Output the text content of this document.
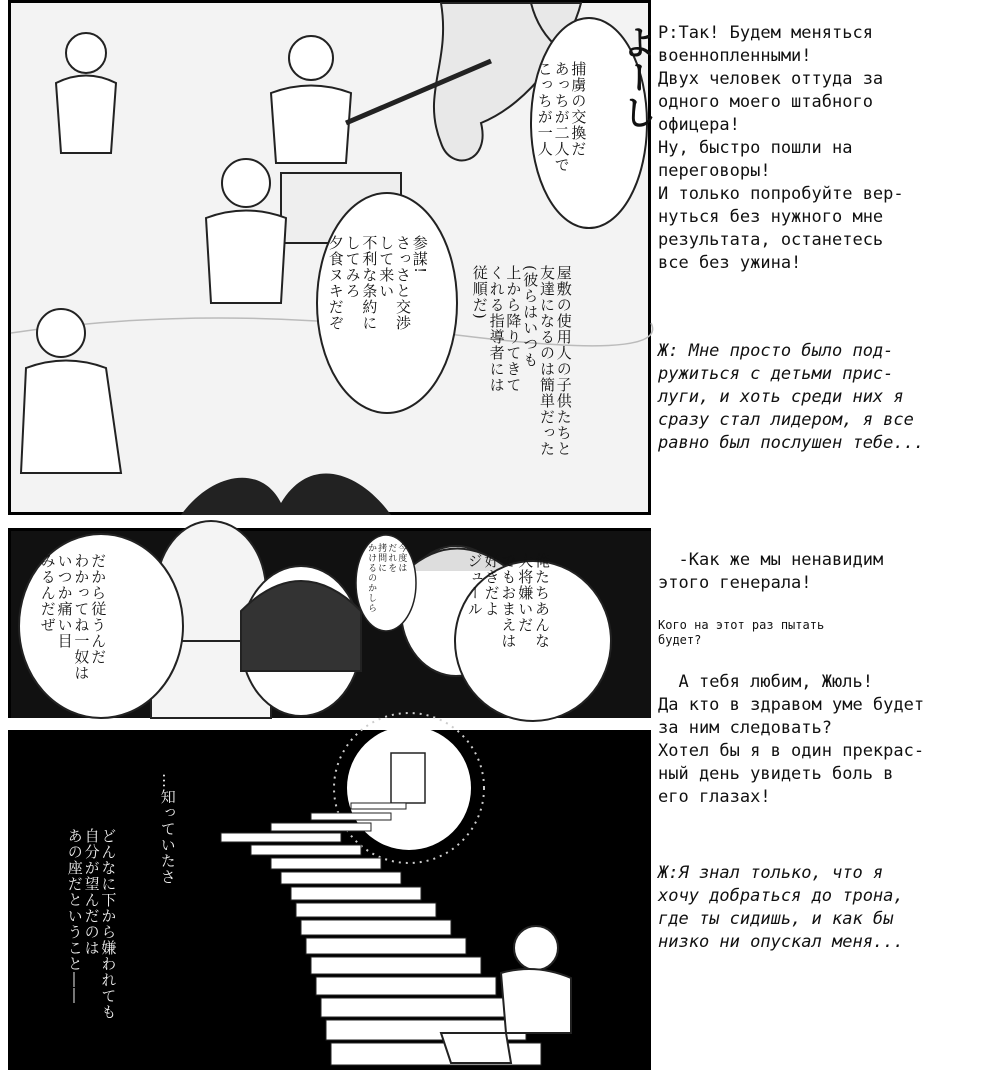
よーし
捕虜の交換だ
あっちが二人で
こっちが一人
参謀!
さっさと交渉
して来い
不利な条約に
してみろ
夕食ヌキだぞ	屋敷の使用人の子供たちと
友達になるのは簡単だった
(彼らはいつも
上から降りてきて
くれる指導者には
従順だ)
だから従うんだ
わかってね一奴は
いつか痛い目
みるんだぜ	俺たちあんな
大将嫌いだ
でもおまえは
好きだよ
ジュール
今度は
だれを
拷問に
かけるのかしら
…知っていたさ
どんなに下から嫌われても
自分が望んだのは
あの座だということ――
Р:Так! Будем меняться
военнопленными!
Двух человек оттуда за
одного моего штабного
офицера!
Ну, быстро пошли на
переговоры!
И только попробуйте вер-
нуться без нужного мне
результата, останетесь
все без ужина!
Ж: Мне просто было под-
ружиться с детьми прис-
луги, и хоть среди них я
сразу стал лидером, я все
равно был послушен тебе...

-Как же мы ненавидим
этого генерала!

Кого на этот раз пытать
будет?

А тебя любим, Жюль!
Да кто в здравом уме будет
за ним следовать?
Хотел бы я в один прекрас-
ный день увидеть боль в
его глазах!

Ж:Я знал только, что я
хочу добраться до трона,
где ты сидишь, и как бы
низко ни опускал меня...
